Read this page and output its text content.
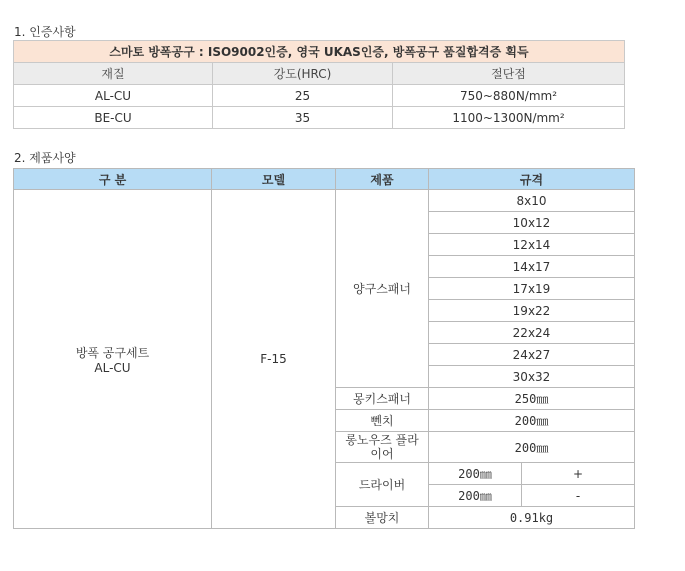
1. 인증사항
스마토 방폭공구 : ISO9002인증, 영국 UKAS인증, 방폭공구 품질합격증 획득		
재질	강도(HRC)	절단점
AL-CU	25	750~880N/mm²
BE-CU	35	1100~1300N/mm²
2. 제품사양
구 분	모델	제품	규격	

방폭 공구세트
AL-CU	F-15	양구스패너	8x10	
			10x12	
			12x14	
			14x17	
			17x19	
			19x22	
			22x24	
			24x27	
			30x32	
		몽키스패너	250㎜	
		뻰치	200㎜	
		롱노우즈 플라이어	200㎜	
		드라이버	200㎜	+
			200㎜	-
		볼망치	0.91kg	
